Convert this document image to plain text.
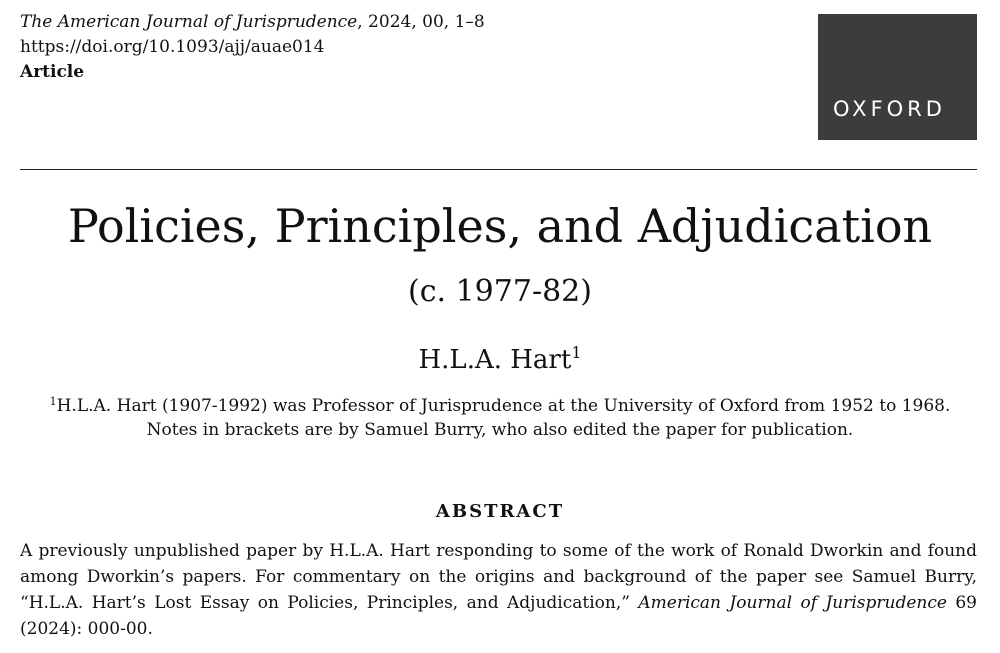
The American Journal of Jurisprudence, 2024, 00, 1–8
https://doi.org/10.1093/ajj/auae014
Article
OXFORD
Policies, Principles, and Adjudication
(c. 1977-82)
H.L.A. Hart$^1$
$^1$H.L.A. Hart (1907-1992) was Professor of Jurisprudence at the University of Oxford from 1952 to 1968.
Notes in brackets are by Samuel Burry, who also edited the paper for publication.
ABSTRACT
A previously unpublished paper by H.L.A. Hart responding to some of the work of Ronald Dworkin and found among Dworkin’s papers. For commentary on the origins and background of the paper see Samuel Burry, “H.L.A. Hart’s Lost Essay on Policies, Principles, and Adjudication,” American Journal of Jurisprudence 69 (2024): 000-00.
